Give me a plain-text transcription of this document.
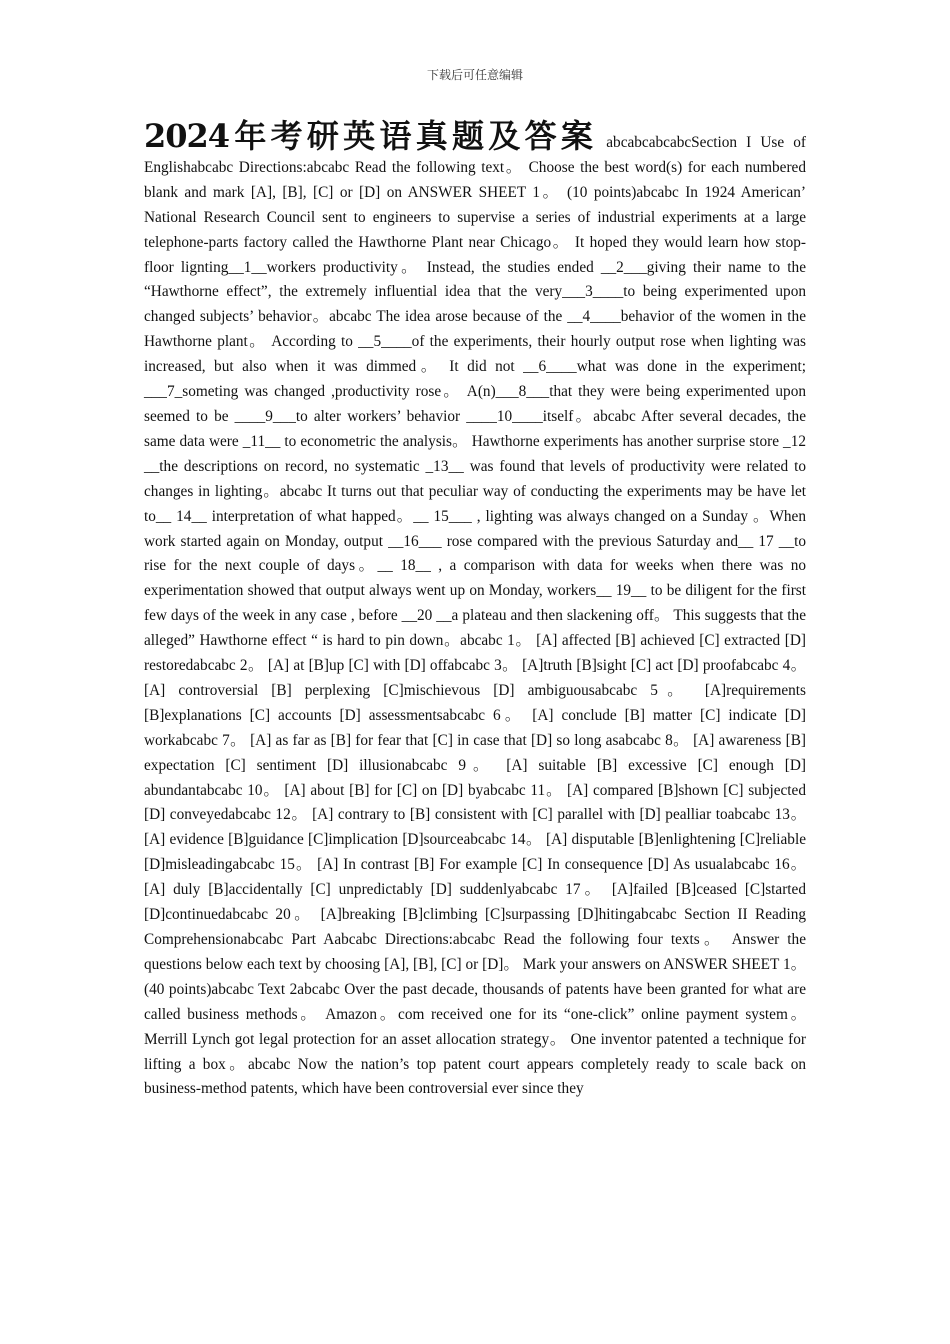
下载后可任意编辑
2024年考研英语真题及答案 abcabcabcabcSection I Use of Englishabcabc Directions:abcabc Read the following text。 Choose the best word(s) for each numbered blank and mark [A], [B], [C] or [D] on ANSWER SHEET 1。 (10 points)abcabc In 1924 American’ National Research Council sent to engineers to supervise a series of industrial experiments at a large telephone-parts factory called the Hawthorne Plant near Chicago。 It hoped they would learn how stop-floor lignting__1__workers productivity。 Instead, the studies ended __2___giving their name to the “Hawthorne effect”, the extremely influential idea that the very___3____to being experimented upon changed subjects’ behavior。abcabc The idea arose because of the __4____behavior of the women in the Hawthorne plant。 According to __5____of the experiments, their hourly output rose when lighting was increased, but also when it was dimmed。 It did not __6____what was done in the experiment; ___7_someting was changed ,productivity rose。 A(n)___8___that they were being experimented upon seemed to be ____9___to alter workers’ behavior ____10____itself。abcabc After several decades, the same data were _11__ to econometric the analysis。 Hawthorne experiments has another surprise store _12 __the descriptions on record, no systematic _13__ was found that levels of productivity were related to changes in lighting。abcabc It turns out that peculiar way of conducting the experiments may be have let to__ 14__ interpretation of what happed。__ 15___ , lighting was always changed on a Sunday 。When work started again on Monday, output __16___ rose compared with the previous Saturday and__ 17 __to rise for the next couple of days。__ 18__ , a comparison with data for weeks when there was no experimentation showed that output always went up on Monday, workers__ 19__ to be diligent for the first few days of the week in any case , before __20 __a plateau and then slackening off。 This suggests that the alleged” Hawthorne effect “ is hard to pin down。abcabc 1。 [A] affected [B] achieved [C] extracted [D] restoredabcabc 2。 [A] at [B]up [C] with [D] offabcabc 3。 [A]truth [B]sight [C] act [D] proofabcabc 4。 [A] controversial [B] perplexing [C]mischievous [D] ambiguousabcabc 5。 [A]requirements [B]explanations [C] accounts [D] assessmentsabcabc 6。 [A] conclude [B] matter [C] indicate [D] workabcabc 7。 [A] as far as [B] for fear that [C] in case that [D] so long asabcabc 8。 [A] awareness [B] expectation [C] sentiment [D] illusionabcabc 9。 [A] suitable [B] excessive [C] enough [D] abundantabcabc 10。 [A] about [B] for [C] on [D] byabcabc 11。 [A] compared [B]shown [C] subjected [D] conveyedabcabc 12。 [A] contrary to [B] consistent with [C] parallel with [D] pealliar toabcabc 13。 [A] evidence [B]guidance [C]implication [D]sourceabcabc 14。 [A] disputable [B]enlightening [C]reliable [D]misleadingabcabc 15。 [A] In contrast [B] For example [C] In consequence [D] As usualabcabc 16。 [A] duly [B]accidentally [C] unpredictably [D] suddenlyabcabc 17。 [A]failed [B]ceased [C]started [D]continuedabcabc 20。 [A]breaking [B]climbing [C]surpassing [D]hitingabcabc Section II Reading Comprehensionabcabc Part Aabcabc Directions:abcabc Read the following four texts。 Answer the questions below each text by choosing [A], [B], [C] or [D]。 Mark your answers on ANSWER SHEET 1。 (40 points)abcabc Text 2abcabc Over the past decade, thousands of patents have been granted for what are called business methods。 Amazon。com received one for its “one-click” online payment system。 Merrill Lynch got legal protection for an asset allocation strategy。 One inventor patented a technique for lifting a box。abcabc Now the nation’s top patent court appears completely ready to scale back on business-method patents, which have been controversial ever since they
